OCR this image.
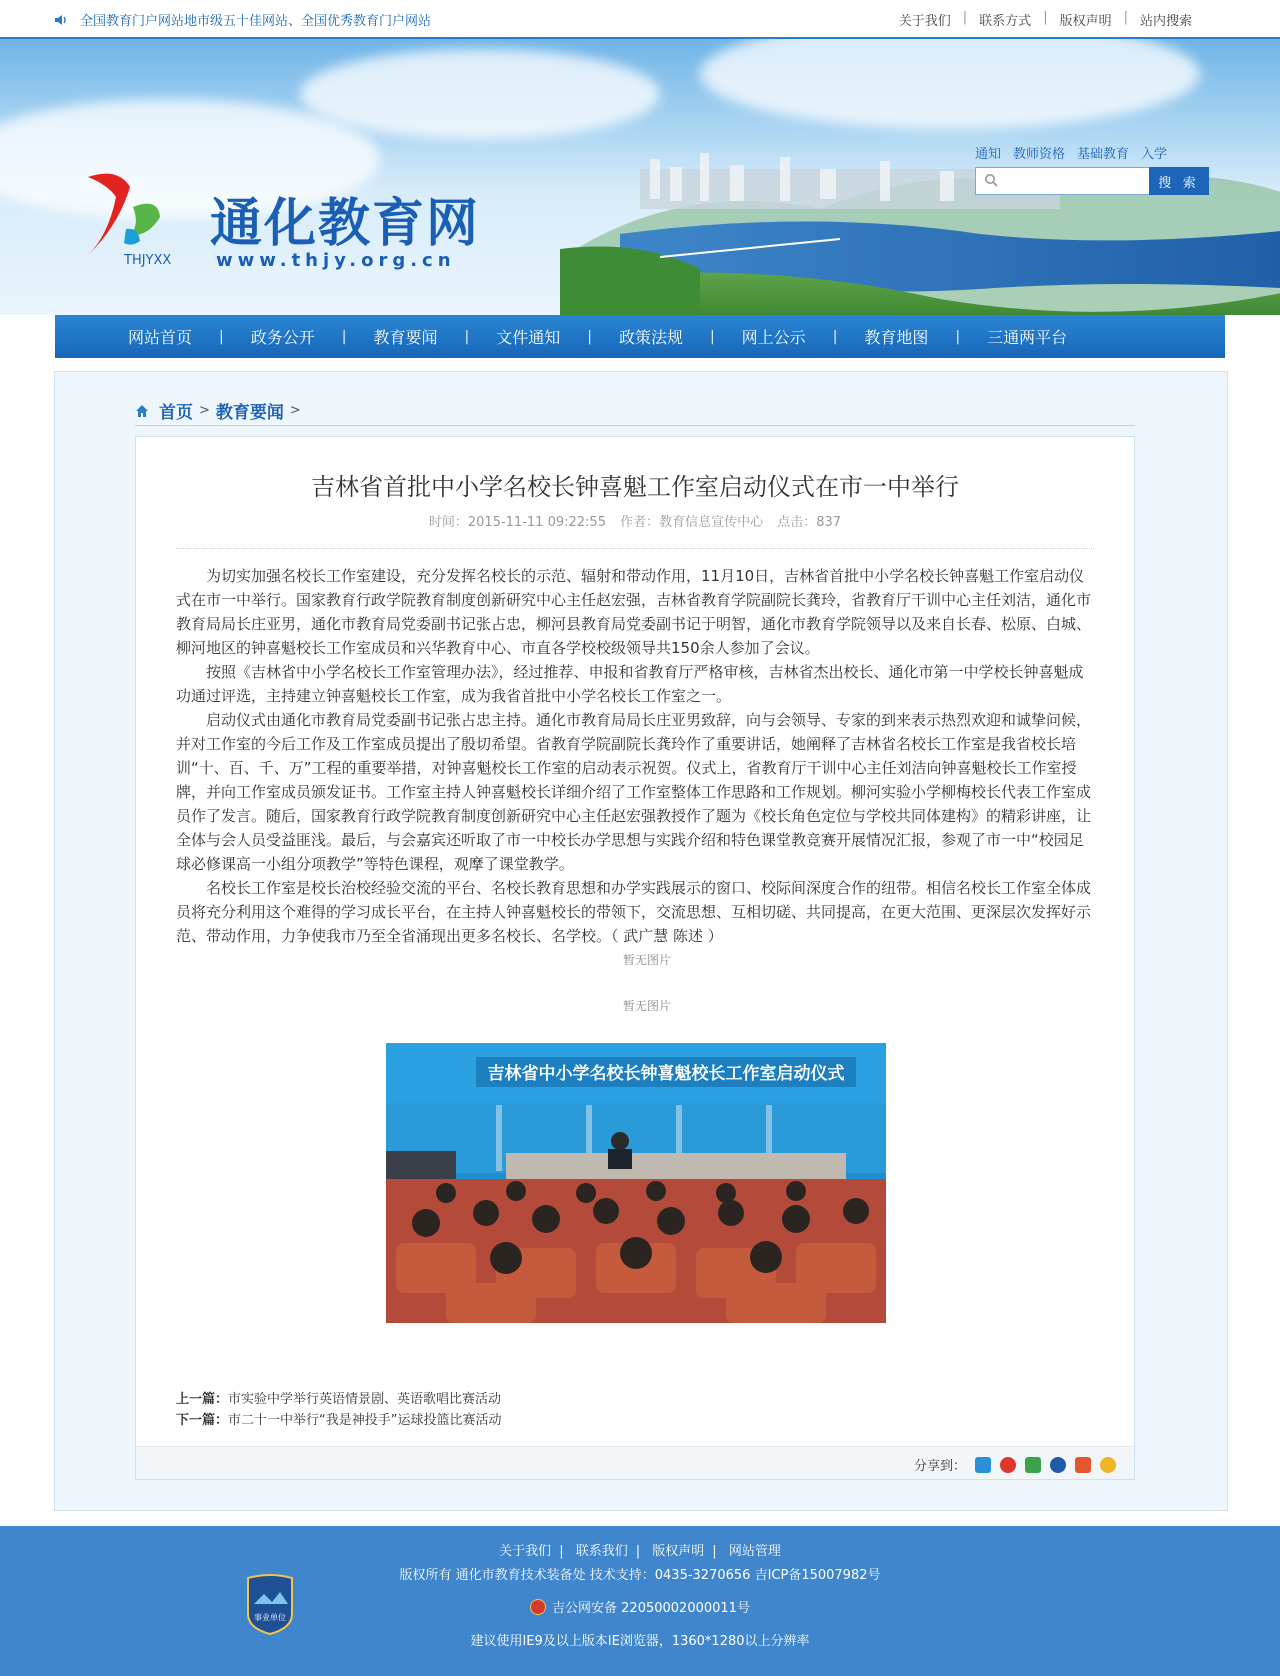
全国教育门户网站地市级五十佳网站、全国优秀教育门户网站	关于我们 | 联系方式 | 版权声明 | 站内搜索
THJYXX
通化教育网
www.thjy.org.cn
通知 教师资格 基础教育 入学
搜 索
网站首页 | 政务公开 | 教育要闻 | 文件通知 | 政策法规 | 网上公示 | 教育地图 | 三通两平台
首页 > 教育要闻 >
吉林省首批中小学名校长钟喜魁工作室启动仪式在市一中举行
时间：2015-11-11 09:22:55 作者：教育信息宣传中心 点击：837

为切实加强名校长工作室建设，充分发挥名校长的示范、辐射和带动作用，11月10日，吉林省首批中小学名校长钟喜魁工作室启动仪式在市一中举行。国家教育行政学院教育制度创新研究中心主任赵宏强，吉林省教育学院副院长龚玲，省教育厅干训中心主任刘洁，通化市教育局局长庄亚男，通化市教育局党委副书记张占忠，柳河县教育局党委副书记于明智，通化市教育学院领导以及来自长春、松原、白城、柳河地区的钟喜魁校长工作室成员和兴华教育中心、市直各学校校级领导共150余人参加了会议。

按照《吉林省中小学名校长工作室管理办法》，经过推荐、申报和省教育厅严格审核，吉林省杰出校长、通化市第一中学校长钟喜魁成功通过评选，主持建立钟喜魁校长工作室，成为我省首批中小学名校长工作室之一。

启动仪式由通化市教育局党委副书记张占忠主持。通化市教育局局长庄亚男致辞，向与会领导、专家的到来表示热烈欢迎和诚挚问候，并对工作室的今后工作及工作室成员提出了殷切希望。省教育学院副院长龚玲作了重要讲话，她阐释了吉林省名校长工作室是我省校长培训“十、百、千、万”工程的重要举措，对钟喜魁校长工作室的启动表示祝贺。仪式上，省教育厅干训中心主任刘洁向钟喜魁校长工作室授牌，并向工作室成员颁发证书。工作室主持人钟喜魁校长详细介绍了工作室整体工作思路和工作规划。柳河实验小学柳梅校长代表工作室成员作了发言。随后，国家教育行政学院教育制度创新研究中心主任赵宏强教授作了题为《校长角色定位与学校共同体建构》的精彩讲座，让全体与会人员受益匪浅。最后，与会嘉宾还听取了市一中校长办学思想与实践介绍和特色课堂教竞赛开展情况汇报，参观了市一中“校园足球必修课高一小组分项教学”等特色课程，观摩了课堂教学。

名校长工作室是校长治校经验交流的平台、名校长教育思想和办学实践展示的窗口、校际间深度合作的纽带。相信名校长工作室全体成员将充分利用这个难得的学习成长平台，在主持人钟喜魁校长的带领下，交流思想、互相切磋、共同提高，在更大范围、更深层次发挥好示范、带动作用，力争使我市乃至全省涌现出更多名校长、名学校。（ 武广慧 陈述 ）

暂无图片

暂无图片

吉林省中小学名校长钟喜魁校长工作室启动仪式
上一篇：市实验中学举行英语情景剧、英语歌唱比赛活动
下一篇：市二十一中举行“我是神投手”运球投篮比赛活动
分享到：
关于我们 | 联系我们 | 版权声明 | 网站管理
版权所有 通化市教育技术装备处 技术支持：0435-3270656 吉ICP备15007982号
事业单位
吉公网安备 22050002000011号
建议使用IE9及以上版本IE浏览器，1360*1280以上分辨率
